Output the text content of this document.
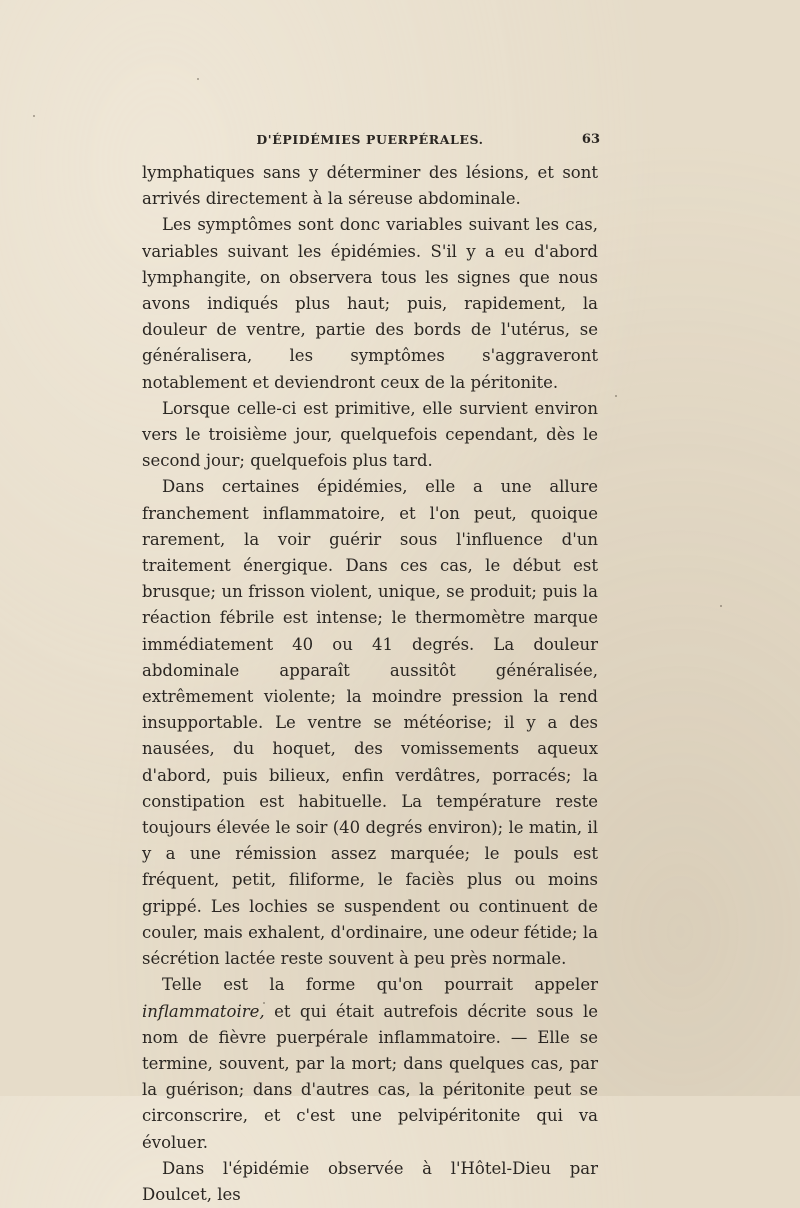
D'ÉPIDÉMIES PUERPÉRALES.	63

lymphatiques sans y déterminer des lésions, et sont arrivés directement à la séreuse abdominale.

Les symptômes sont donc variables suivant les cas, variables suivant les épidémies. S'il y a eu d'abord lymphangite, on observera tous les signes que nous avons indiqués plus haut; puis, rapidement, la douleur de ventre, partie des bords de l'utérus, se généralisera, les symptômes s'aggraveront notablement et deviendront ceux de la péritonite.

Lorsque celle-ci est primitive, elle survient environ vers le troisième jour, quelquefois cependant, dès le second jour; quelquefois plus tard.

Dans certaines épidémies, elle a une allure franchement inflammatoire, et l'on peut, quoique rarement, la voir guérir sous l'influence d'un traitement énergique. Dans ces cas, le début est brusque; un frisson violent, unique, se produit; puis la réaction fébrile est intense; le thermomètre marque immédiatement 40 ou 41 degrés. La douleur abdominale apparaît aussitôt généralisée, extrêmement violente; la moindre pression la rend insupportable. Le ventre se météorise; il y a des nausées, du hoquet, des vomissements aqueux d'abord, puis bilieux, enfin verdâtres, porracés; la constipation est habituelle. La température reste toujours élevée le soir (40 degrés environ); le matin, il y a une rémission assez marquée; le pouls est fréquent, petit, filiforme, le faciès plus ou moins grippé. Les lochies se suspendent ou continuent de couler, mais exhalent, d'ordinaire, une odeur fétide; la sécrétion lactée reste souvent à peu près normale.

Telle est la forme qu'on pourrait appeler inflammatoire, et qui était autrefois décrite sous le nom de fièvre puerpérale inflammatoire. — Elle se termine, souvent, par la mort; dans quelques cas, par la guérison; dans d'autres cas, la péritonite peut se circonscrire, et c'est une pelvipéritonite qui va évoluer.

Dans l'épidémie observée à l'Hôtel-Dieu par Doulcet, les
